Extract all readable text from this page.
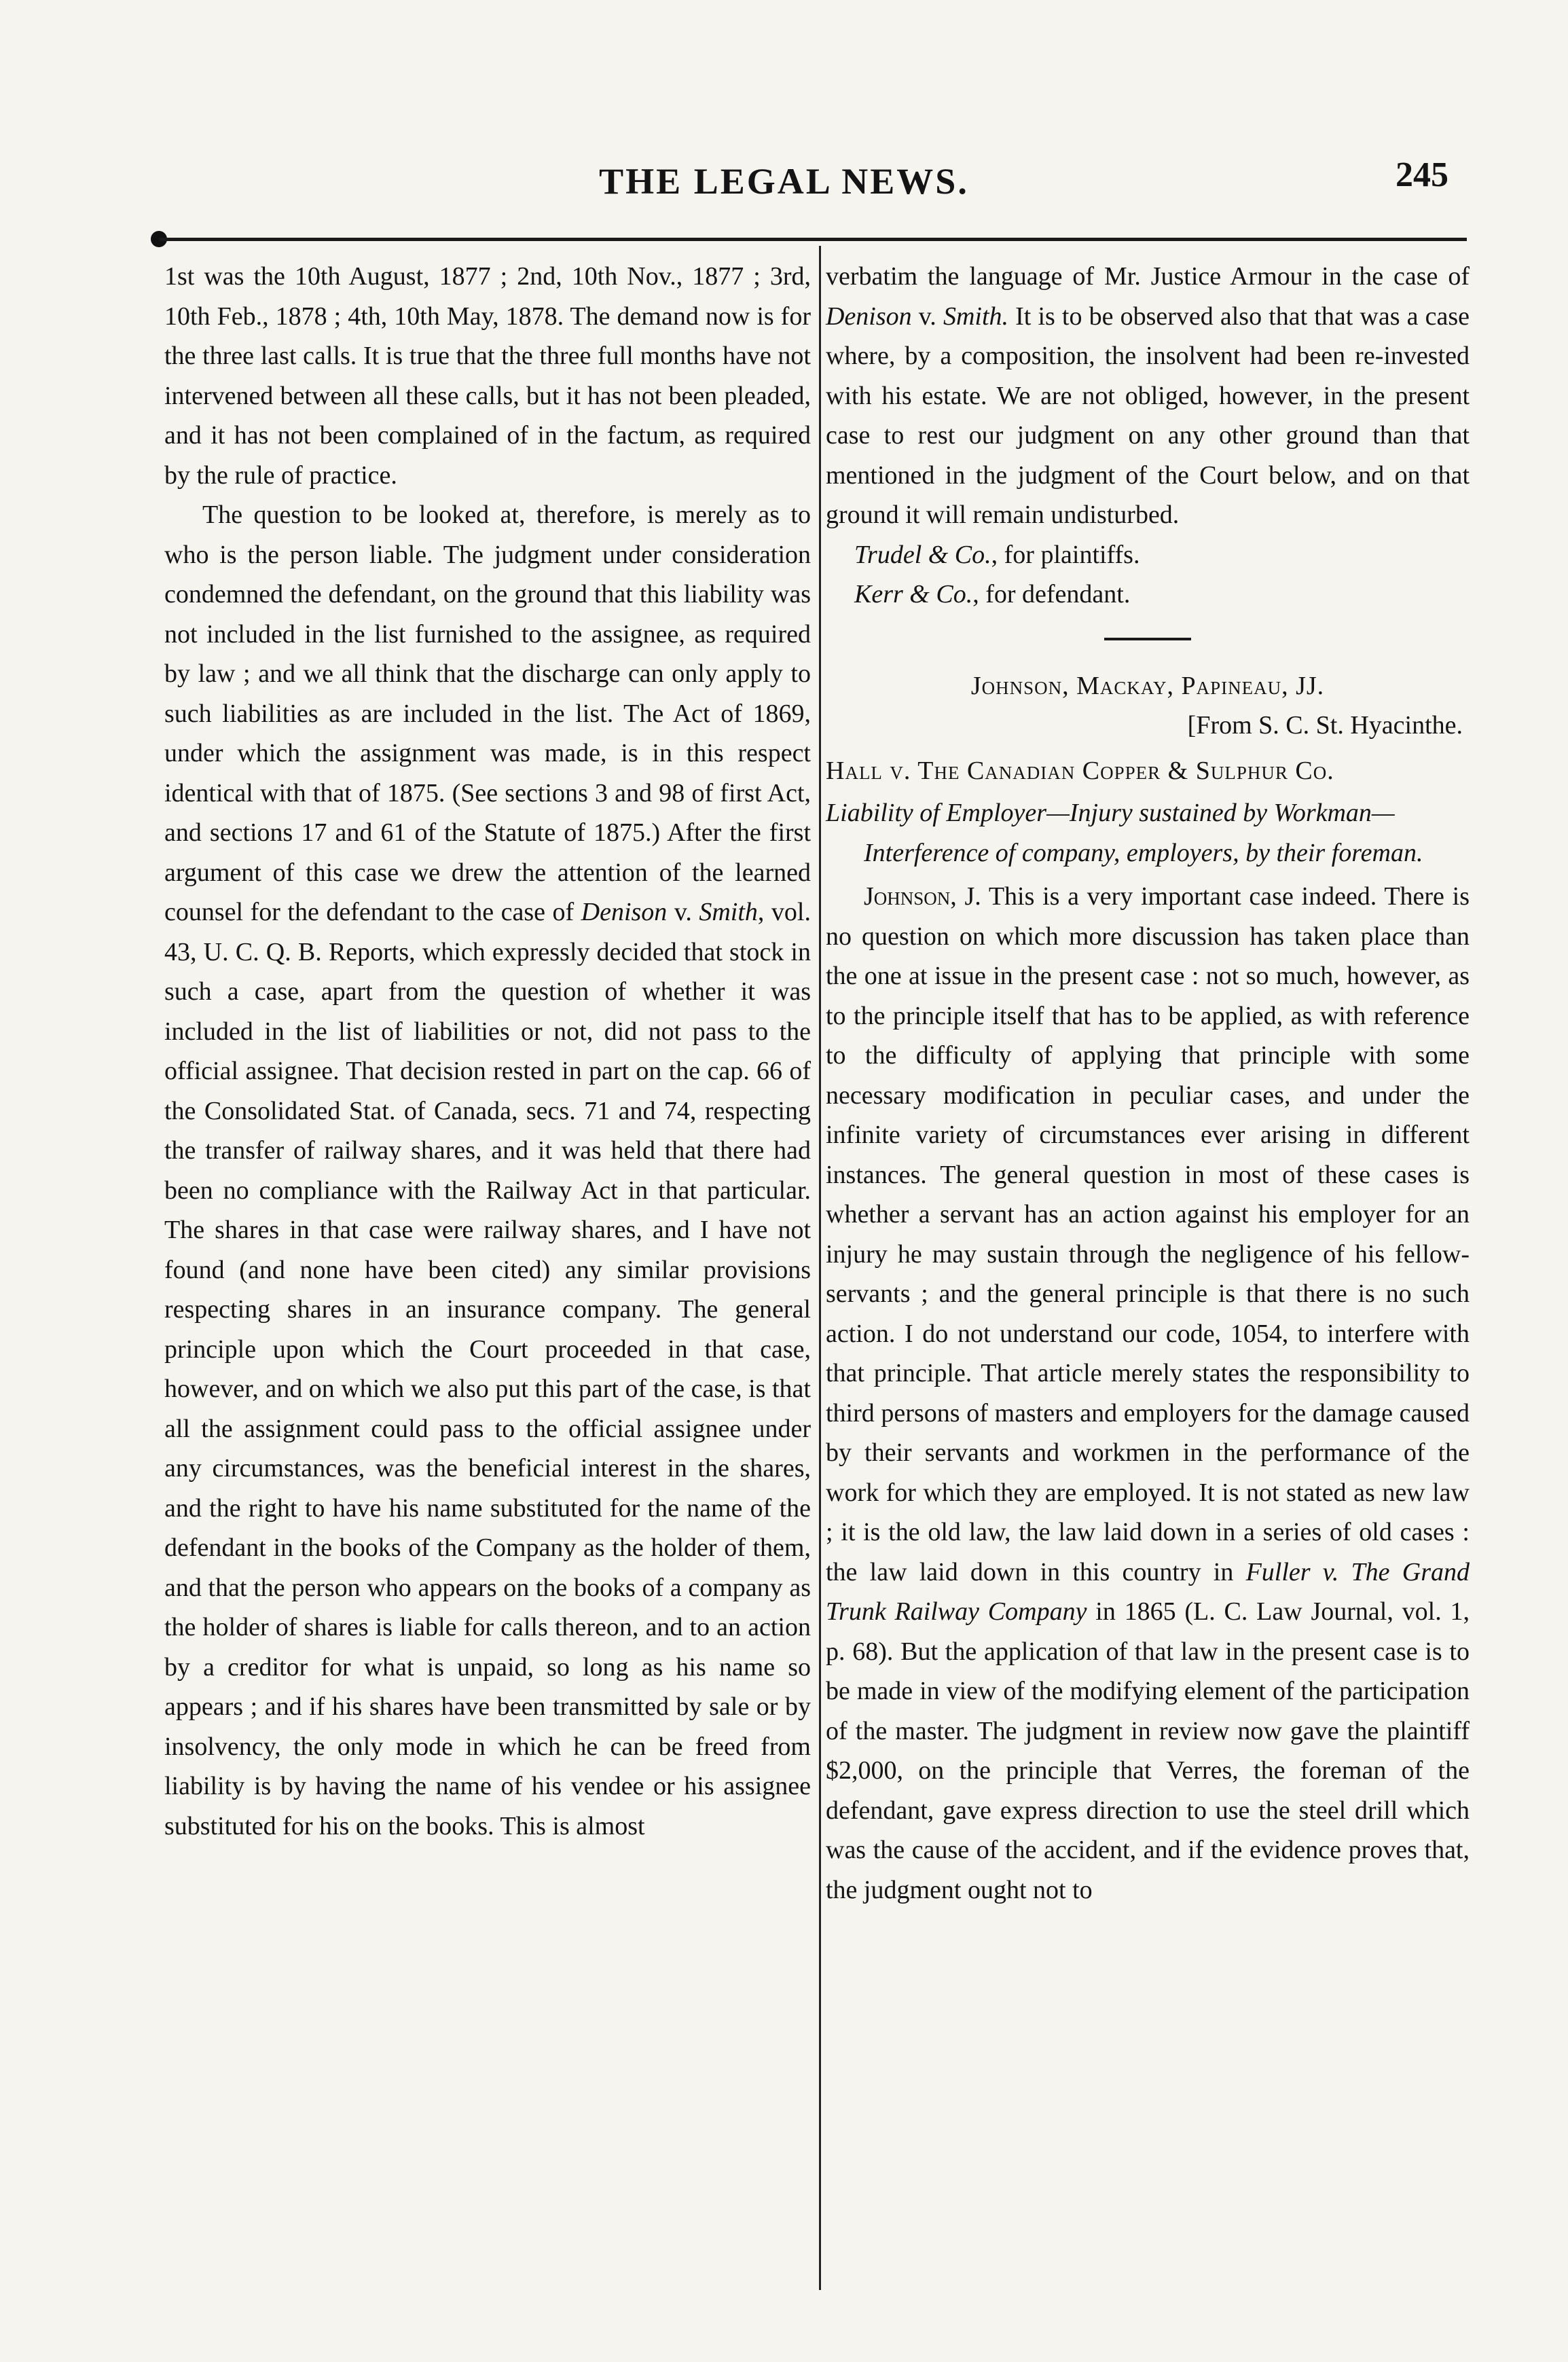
THE LEGAL NEWS.	245

1st was the 10th August, 1877 ; 2nd, 10th Nov., 1877 ; 3rd, 10th Feb., 1878 ; 4th, 10th May, 1878. The demand now is for the three last calls. It is true that the three full months have not intervened between all these calls, but it has not been pleaded, and it has not been complained of in the factum, as required by the rule of practice.

The question to be looked at, therefore, is merely as to who is the person liable. The judgment under consideration condemned the defendant, on the ground that this liability was not included in the list furnished to the assignee, as required by law ; and we all think that the discharge can only apply to such liabilities as are included in the list. The Act of 1869, under which the assignment was made, is in this respect identical with that of 1875. (See sections 3 and 98 of first Act, and sections 17 and 61 of the Statute of 1875.) After the first argument of this case we drew the attention of the learned counsel for the defendant to the case of Denison v. Smith, vol. 43, U. C. Q. B. Reports, which expressly decided that stock in such a case, apart from the question of whether it was included in the list of liabilities or not, did not pass to the official assignee. That decision rested in part on the cap. 66 of the Consolidated Stat. of Canada, secs. 71 and 74, respecting the transfer of railway shares, and it was held that there had been no compliance with the Railway Act in that particular. The shares in that case were railway shares, and I have not found (and none have been cited) any similar provisions respecting shares in an insurance company. The general principle upon which the Court proceeded in that case, however, and on which we also put this part of the case, is that all the assignment could pass to the official assignee under any circumstances, was the beneficial interest in the shares, and the right to have his name substituted for the name of the defendant in the books of the Company as the holder of them, and that the person who appears on the books of a company as the holder of shares is liable for calls thereon, and to an action by a creditor for what is unpaid, so long as his name so appears ; and if his shares have been transmitted by sale or by insolvency, the only mode in which he can be freed from liability is by having the name of his vendee or his assignee substituted for his on the books. This is almost

verbatim the language of Mr. Justice Armour in the case of Denison v. Smith. It is to be observed also that that was a case where, by a composition, the insolvent had been re-invested with his estate. We are not obliged, however, in the present case to rest our judgment on any other ground than that mentioned in the judgment of the Court below, and on that ground it will remain undisturbed.

Trudel & Co., for plaintiffs.

Kerr & Co., for defendant.

Johnson, Mackay, Papineau, JJ.

[From S. C. St. Hyacinthe.

Hall v. The Canadian Copper & Sulphur Co.

Liability of Employer—Injury sustained by Workman—Interference of company, employers, by their foreman.

Johnson, J. This is a very important case indeed. There is no question on which more discussion has taken place than the one at issue in the present case : not so much, however, as to the principle itself that has to be applied, as with reference to the difficulty of applying that principle with some necessary modification in peculiar cases, and under the infinite variety of circumstances ever arising in different instances. The general question in most of these cases is whether a servant has an action against his employer for an injury he may sustain through the negligence of his fellow-servants ; and the general principle is that there is no such action. I do not understand our code, 1054, to interfere with that principle. That article merely states the responsibility to third persons of masters and employers for the damage caused by their servants and workmen in the performance of the work for which they are employed. It is not stated as new law ; it is the old law, the law laid down in a series of old cases : the law laid down in this country in Fuller v. The Grand Trunk Railway Company in 1865 (L. C. Law Journal, vol. 1, p. 68). But the application of that law in the present case is to be made in view of the modifying element of the participation of the master. The judgment in review now gave the plaintiff $2,000, on the principle that Verres, the foreman of the defendant, gave express direction to use the steel drill which was the cause of the accident, and if the evidence proves that, the judgment ought not to
